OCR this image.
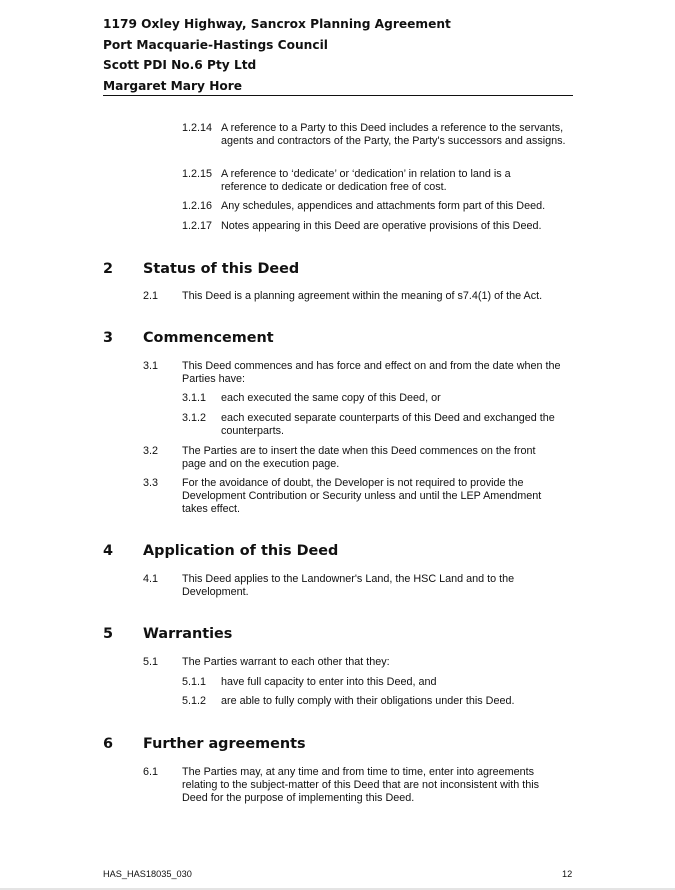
1179 Oxley Highway, Sancrox Planning Agreement
Port Macquarie-Hastings Council
Scott PDI No.6 Pty Ltd
Margaret Mary Hore
1.2.14 A reference to a Party to this Deed includes a reference to the servants, agents and contractors of the Party, the Party's successors and assigns.
1.2.15 A reference to ‘dedicate’ or ‘dedication’ in relation to land is a reference to dedicate or dedication free of cost.
1.2.16 Any schedules, appendices and attachments form part of this Deed.
1.2.17 Notes appearing in this Deed are operative provisions of this Deed.
2 Status of this Deed
2.1 This Deed is a planning agreement within the meaning of s7.4(1) of the Act.
3 Commencement
3.1 This Deed commences and has force and effect on and from the date when the Parties have:
3.1.1 each executed the same copy of this Deed, or
3.1.2 each executed separate counterparts of this Deed and exchanged the counterparts.
3.2 The Parties are to insert the date when this Deed commences on the front page and on the execution page.
3.3 For the avoidance of doubt, the Developer is not required to provide the Development Contribution or Security unless and until the LEP Amendment takes effect.
4 Application of this Deed
4.1 This Deed applies to the Landowner's Land, the HSC Land and to the Development.
5 Warranties
5.1 The Parties warrant to each other that they:
5.1.1 have full capacity to enter into this Deed, and
5.1.2 are able to fully comply with their obligations under this Deed.
6 Further agreements
6.1 The Parties may, at any time and from time to time, enter into agreements relating to the subject-matter of this Deed that are not inconsistent with this Deed for the purpose of implementing this Deed.
HAS_HAS18035_030	12
